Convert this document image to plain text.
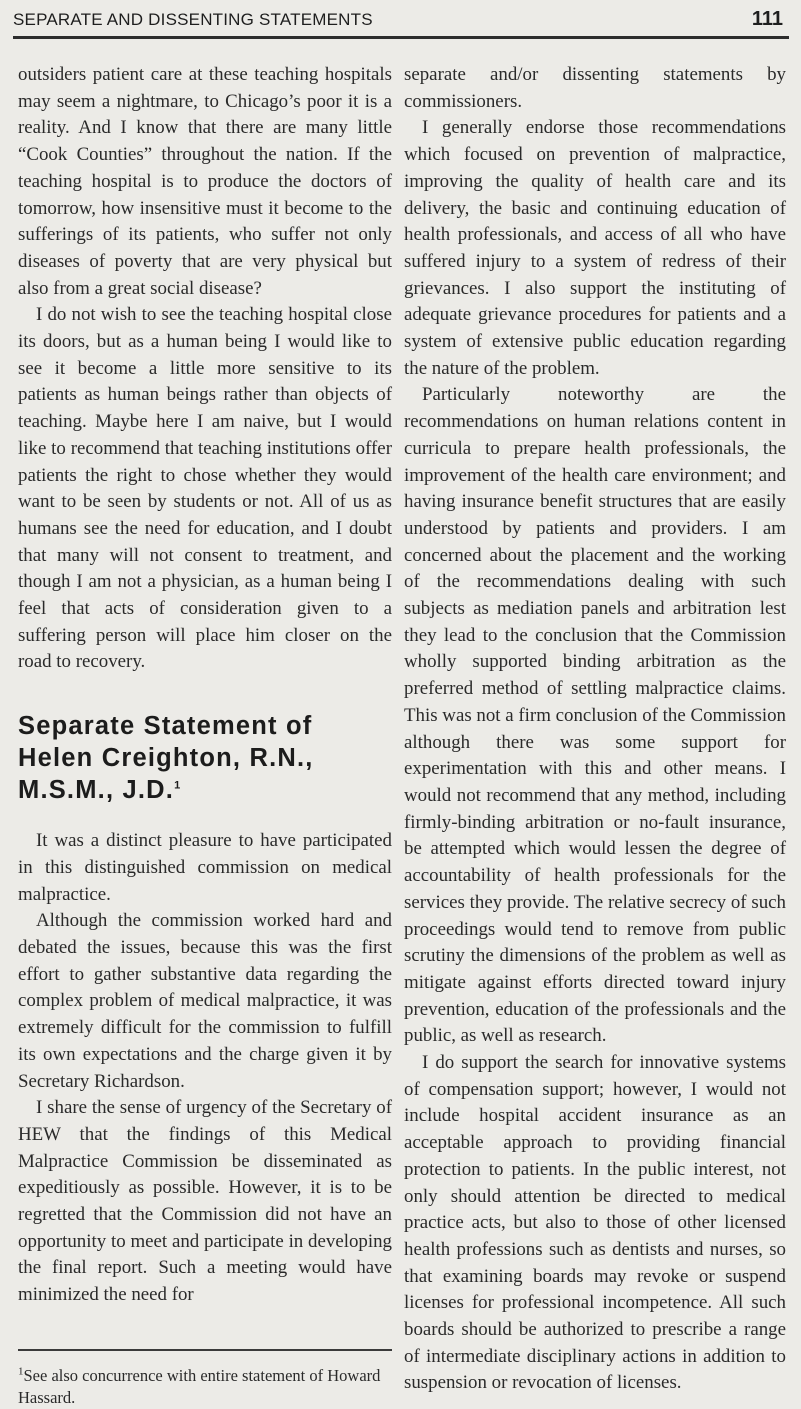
SEPARATE AND DISSENTING STATEMENTS	111

outsiders patient care at these teaching hospitals may seem a nightmare, to Chicago’s poor it is a reality. And I know that there are many little “Cook Counties” throughout the nation. If the teaching hospital is to produce the doctors of tomorrow, how insensitive must it become to the sufferings of its patients, who suffer not only diseases of poverty that are very physical but also from a great social disease?

I do not wish to see the teaching hospital close its doors, but as a human being I would like to see it become a little more sensitive to its patients as human beings rather than objects of teaching. Maybe here I am naive, but I would like to recommend that teaching institutions offer patients the right to chose whether they would want to be seen by students or not. All of us as humans see the need for education, and I doubt that many will not consent to treatment, and though I am not a physician, as a human being I feel that acts of consideration given to a suffering person will place him closer on the road to recovery.

Separate Statement of
Helen Creighton, R.N.,
M.S.M., J.D.$^1$

It was a distinct pleasure to have participated in this distinguished commission on medical malpractice.

Although the commission worked hard and debated the issues, because this was the first effort to gather substantive data regarding the complex problem of medical malpractice, it was extremely difficult for the commission to fulfill its own expectations and the charge given it by Secretary Richardson.

I share the sense of urgency of the Secretary of HEW that the findings of this Medical Malpractice Commission be disseminated as expeditiously as possible. However, it is to be regretted that the Commission did not have an opportunity to meet and participate in developing the final report. Such a meeting would have minimized the need for

$^1$See also concurrence with entire statement of Howard Hassard.

separate and/or dissenting statements by commissioners.

I generally endorse those recommendations which focused on prevention of malpractice, improving the quality of health care and its delivery, the basic and continuing education of health professionals, and access of all who have suffered injury to a system of redress of their grievances. I also support the instituting of adequate grievance procedures for patients and a system of extensive public education regarding the nature of the problem.

Particularly noteworthy are the recommendations on human relations content in curricula to prepare health professionals, the improvement of the health care environment; and having insurance benefit structures that are easily understood by patients and providers. I am concerned about the placement and the working of the recommendations dealing with such subjects as mediation panels and arbitration lest they lead to the conclusion that the Commission wholly supported binding arbitration as the preferred method of settling malpractice claims. This was not a firm conclusion of the Commission although there was some support for experimentation with this and other means. I would not recommend that any method, including firmly-binding arbitration or no-fault insurance, be attempted which would lessen the degree of accountability of health professionals for the services they provide. The relative secrecy of such proceedings would tend to remove from public scrutiny the dimensions of the problem as well as mitigate against efforts directed toward injury prevention, education of the professionals and the public, as well as research.

I do support the search for innovative systems of compensation support; however, I would not include hospital accident insurance as an acceptable approach to providing financial protection to patients. In the public interest, not only should attention be directed to medical practice acts, but also to those of other licensed health professions such as dentists and nurses, so that examining boards may revoke or suspend licenses for professional incompetence. All such boards should be authorized to prescribe a range of intermediate disciplinary actions in addition to suspension or revocation of licenses.
